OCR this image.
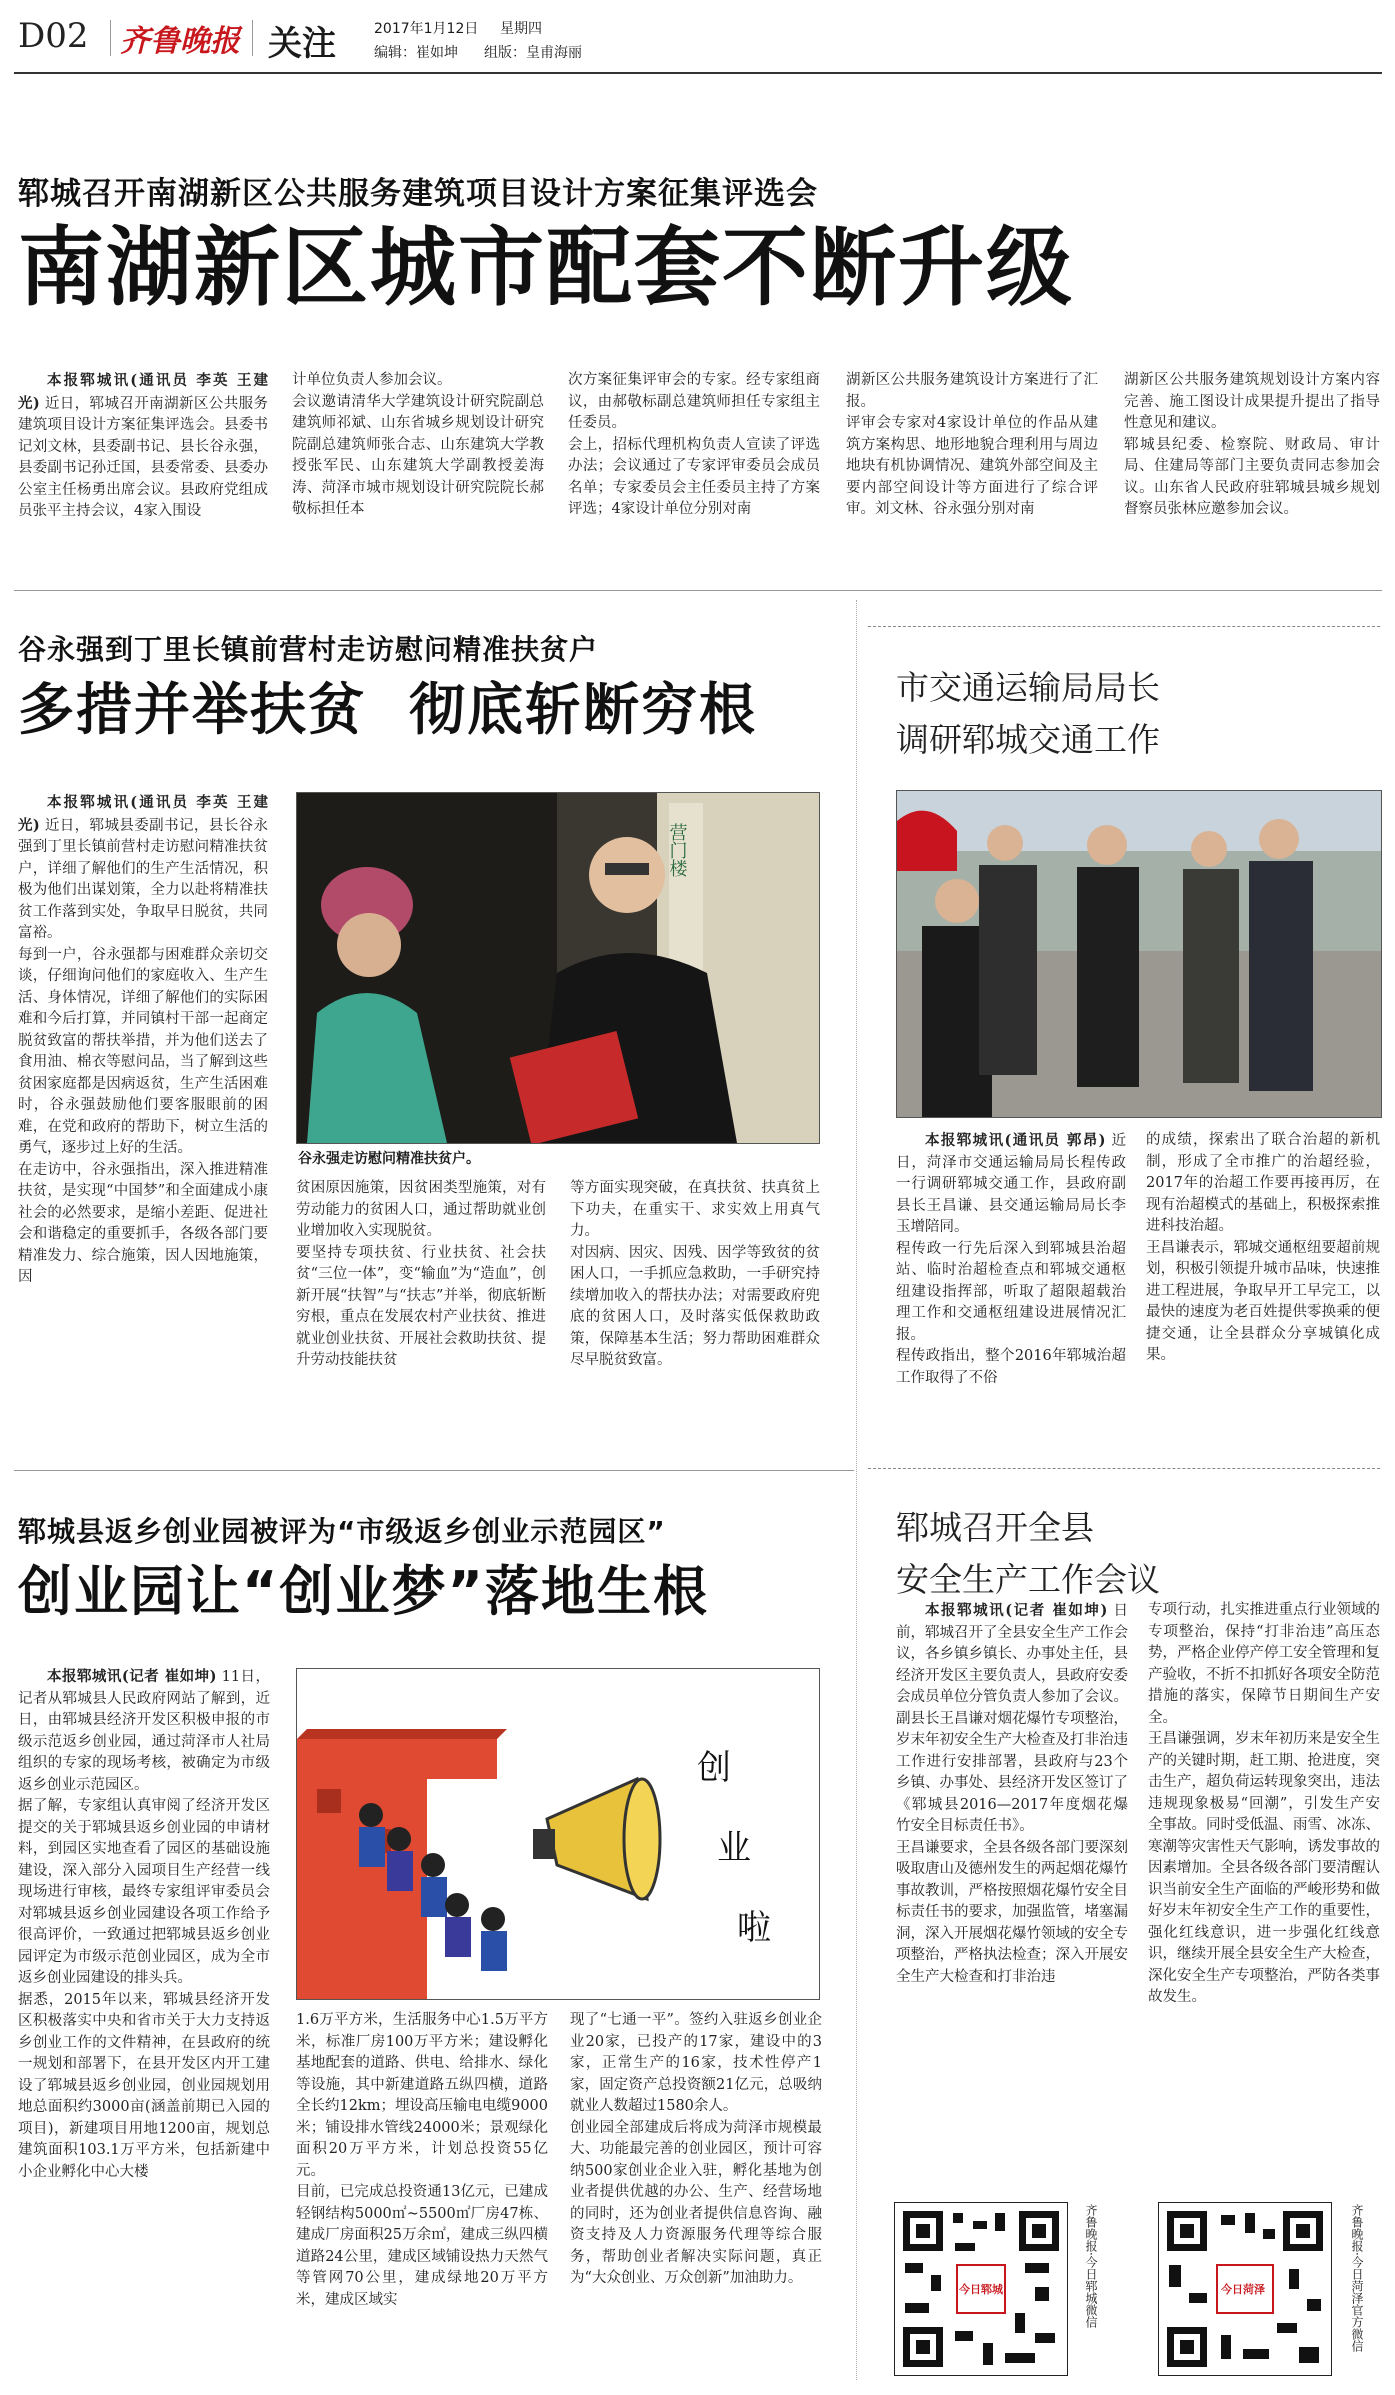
D02 齐鲁晚报 关注	2017年1月12日 星期四
编辑：崔如坤 组版：皇甫海丽
郓城召开南湖新区公共服务建筑项目设计方案征集评选会
南湖新区城市配套不断升级

本报郓城讯(通讯员 李英 王建光) 近日，郓城召开南湖新区公共服务建筑项目设计方案征集评选会。县委书记刘文林，县委副书记、县长谷永强，县委副书记孙迁国，县委常委、县委办公室主任杨勇出席会议。县政府党组成员张平主持会议，4家入围设

计单位负责人参加会议。
会议邀请清华大学建筑设计研究院副总建筑师祁斌、山东省城乡规划设计研究院副总建筑师张合志、山东建筑大学教授张军民、山东建筑大学副教授姜海涛、菏泽市城市规划设计研究院院长郝敬标担任本

次方案征集评审会的专家。经专家组商议，由郝敬标副总建筑师担任专家组主任委员。
会上，招标代理机构负责人宣读了评选办法；会议通过了专家评审委员会成员名单；专家委员会主任委员主持了方案评选；4家设计单位分别对南

湖新区公共服务建筑设计方案进行了汇报。
评审会专家对4家设计单位的作品从建筑方案构思、地形地貌合理利用与周边地块有机协调情况、建筑外部空间及主要内部空间设计等方面进行了综合评审。刘文林、谷永强分别对南

湖新区公共服务建筑规划设计方案内容完善、施工图设计成果提升提出了指导性意见和建议。
郓城县纪委、检察院、财政局、审计局、住建局等部门主要负责同志参加会议。山东省人民政府驻郓城县城乡规划督察员张林应邀参加会议。

谷永强到丁里长镇前营村走访慰问精准扶贫户
多措并举扶贫  彻底斩断穷根

本报郓城讯(通讯员 李英 王建光) 近日，郓城县委副书记，县长谷永强到丁里长镇前营村走访慰问精准扶贫户，详细了解他们的生产生活情况，积极为他们出谋划策，全力以赴将精准扶贫工作落到实处，争取早日脱贫，共同富裕。
每到一户，谷永强都与困难群众亲切交谈，仔细询问他们的家庭收入、生产生活、身体情况，详细了解他们的实际困难和今后打算，并同镇村干部一起商定脱贫致富的帮扶举措，并为他们送去了食用油、棉衣等慰问品，当了解到这些贫困家庭都是因病返贫，生产生活困难时，谷永强鼓励他们要客服眼前的困难，在党和政府的帮助下，树立生活的勇气，逐步过上好的生活。
在走访中，谷永强指出，深入推进精准扶贫，是实现“中国梦”和全面建成小康社会的必然要求，是缩小差距、促进社会和谐稳定的重要抓手，各级各部门要精准发力、综合施策，因人因地施策，因

营门楼
谷永强走访慰问精准扶贫户。

贫困原因施策，因贫困类型施策，对有劳动能力的贫困人口，通过帮助就业创业增加收入实现脱贫。
要坚持专项扶贫、行业扶贫、社会扶贫“三位一体”，变“输血”为“造血”，创新开展“扶智”与“扶志”并举，彻底斩断穷根，重点在发展农村产业扶贫、推进就业创业扶贫、开展社会救助扶贫、提升劳动技能扶贫

等方面实现突破，在真扶贫、扶真贫上下功夫，在重实干、求实效上用真气力。
对因病、因灾、因残、因学等致贫的贫困人口，一手抓应急救助，一手研究持续增加收入的帮扶办法；对需要政府兜底的贫困人口，及时落实低保救助政策，保障基本生活；努力帮助困难群众尽早脱贫致富。

市交通运输局局长
调研郓城交通工作

本报郓城讯(通讯员 郭昂) 近日，菏泽市交通运输局局长程传政一行调研郓城交通工作，县政府副县长王昌谦、县交通运输局局长李玉增陪同。
程传政一行先后深入到郓城县治超站、临时治超检查点和郓城交通枢纽建设指挥部，听取了超限超载治理工作和交通枢纽建设进展情况汇报。
程传政指出，整个2016年郓城治超工作取得了不俗

的成绩，探索出了联合治超的新机制，形成了全市推广的治超经验，2017年的治超工作要再接再厉，在现有治超模式的基础上，积极探索推进科技治超。
王昌谦表示，郓城交通枢纽要超前规划，积极引领提升城市品味，快速推进工程进展，争取早开工早完工，以最快的速度为老百姓提供零换乘的便捷交通，让全县群众分享城镇化成果。

郓城县返乡创业园被评为“市级返乡创业示范园区”
创业园让“创业梦”落地生根

本报郓城讯(记者 崔如坤) 11日，记者从郓城县人民政府网站了解到，近日，由郓城县经济开发区积极申报的市级示范返乡创业园，通过菏泽市人社局组织的专家的现场考核，被确定为市级返乡创业示范园区。
据了解，专家组认真审阅了经济开发区提交的关于郓城县返乡创业园的申请材料，到园区实地查看了园区的基础设施建设，深入部分入园项目生产经营一线现场进行审核，最终专家组评审委员会对郓城县返乡创业园建设各项工作给予很高评价，一致通过把郓城县返乡创业园评定为市级示范创业园区，成为全市返乡创业园建设的排头兵。
据悉，2015年以来，郓城县经济开发区积极落实中央和省市关于大力支持返乡创业工作的文件精神，在县政府的统一规划和部署下，在县开发区内开工建设了郓城县返乡创业园，创业园规划用地总面积约3000亩(涵盖前期已入园的项目)，新建项目用地1200亩，规划总建筑面积103.1万平方米，包括新建中小企业孵化中心大楼

创
业
啦

1.6万平方米，生活服务中心1.5万平方米，标准厂房100万平方米；建设孵化基地配套的道路、供电、给排水、绿化等设施，其中新建道路五纵四横，道路全长约12km；埋设高压输电电缆9000米；铺设排水管线24000米；景观绿化面积20万平方米，计划总投资55亿元。
目前，已完成总投资通13亿元，已建成轻钢结构5000㎡~5500㎡厂房47栋、建成厂房面积25万余㎡，建成三纵四横道路24公里，建成区域铺设热力天然气等管网70公里，建成绿地20万平方米，建成区域实

现了“七通一平”。签约入驻返乡创业企业20家，已投产的17家，建设中的3家，正常生产的16家，技术性停产1家，固定资产总投资额21亿元，总吸纳就业人数超过1580余人。
创业园全部建成后将成为菏泽市规模最大、功能最完善的创业园区，预计可容纳500家创业企业入驻，孵化基地为创业者提供优越的办公、生产、经营场地的同时，还为创业者提供信息咨询、融资支持及人力资源服务代理等综合服务，帮助创业者解决实际问题，真正为“大众创业、万众创新”加油助力。

郓城召开全县
安全生产工作会议

本报郓城讯(记者 崔如坤) 日前，郓城召开了全县安全生产工作会议，各乡镇乡镇长、办事处主任，县经济开发区主要负责人，县政府安委会成员单位分管负责人参加了会议。副县长王昌谦对烟花爆竹专项整治，岁末年初安全生产大检查及打非治违工作进行安排部署，县政府与23个乡镇、办事处、县经济开发区签订了《郓城县2016—2017年度烟花爆竹安全目标责任书》。
王昌谦要求，全县各级各部门要深刻吸取唐山及德州发生的两起烟花爆竹事故教训，严格按照烟花爆竹安全目标责任书的要求，加强监管，堵塞漏洞，深入开展烟花爆竹领域的安全专项整治，严格执法检查；深入开展安全生产大检查和打非治违

专项行动，扎实推进重点行业领域的专项整治，保持“打非治违”高压态势，严格企业停产停工安全管理和复产验收，不折不扣抓好各项安全防范措施的落实，保障节日期间生产安全。
王昌谦强调，岁末年初历来是安全生产的关键时期，赶工期、抢进度，突击生产，超负荷运转现象突出，违法违规现象极易“回潮”，引发生产安全事故。同时受低温、雨雪、冰冻、寒潮等灾害性天气影响，诱发事故的因素增加。全县各级各部门要清醒认识当前安全生产面临的严峻形势和做好岁末年初安全生产工作的重要性，强化红线意识，进一步强化红线意识，继续开展全县安全生产大检查，深化安全生产专项整治，严防各类事故发生。

今日郓城	齐鲁晚报·今日郓城微信	今日菏泽	齐鲁晚报·今日菏泽官方微信
